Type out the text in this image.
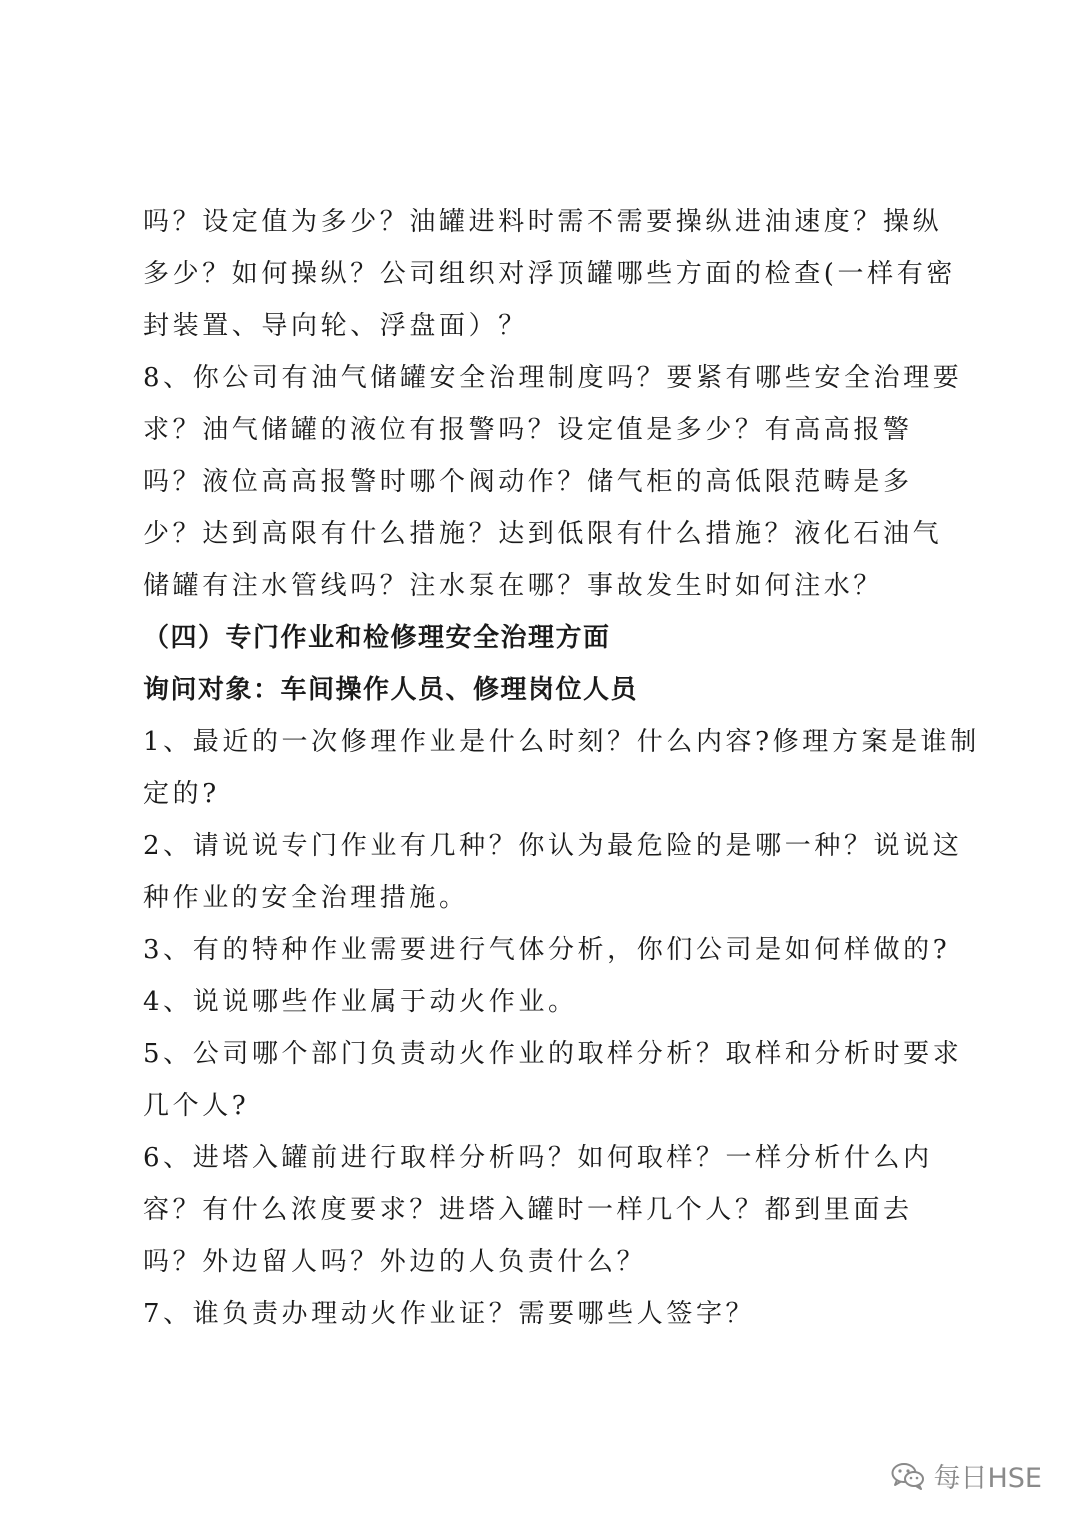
吗？设定值为多少？油罐进料时需不需要操纵进油速度？操纵
多少？如何操纵？公司组织对浮顶罐哪些方面的检查(一样有密
封装置、导向轮、浮盘面）？
8、你公司有油气储罐安全治理制度吗？要紧有哪些安全治理要
求？油气储罐的液位有报警吗？设定值是多少？有高高报警
吗？液位高高报警时哪个阀动作？储气柜的高低限范畴是多
少？达到高限有什么措施？达到低限有什么措施？液化石油气
储罐有注水管线吗？注水泵在哪？事故发生时如何注水？
（四）专门作业和检修理安全治理方面
询问对象：车间操作人员、修理岗位人员
1、最近的一次修理作业是什么时刻？什么内容?修理方案是谁制
定的?
2、请说说专门作业有几种？你认为最危险的是哪一种？说说这
种作业的安全治理措施。
3、有的特种作业需要进行气体分析，你们公司是如何样做的?
4、说说哪些作业属于动火作业。
5、公司哪个部门负责动火作业的取样分析？取样和分析时要求
几个人?
6、进塔入罐前进行取样分析吗？如何取样？一样分析什么内
容？有什么浓度要求？进塔入罐时一样几个人？都到里面去
吗？外边留人吗？外边的人负责什么？
7、谁负责办理动火作业证？需要哪些人签字？
每日HSE
